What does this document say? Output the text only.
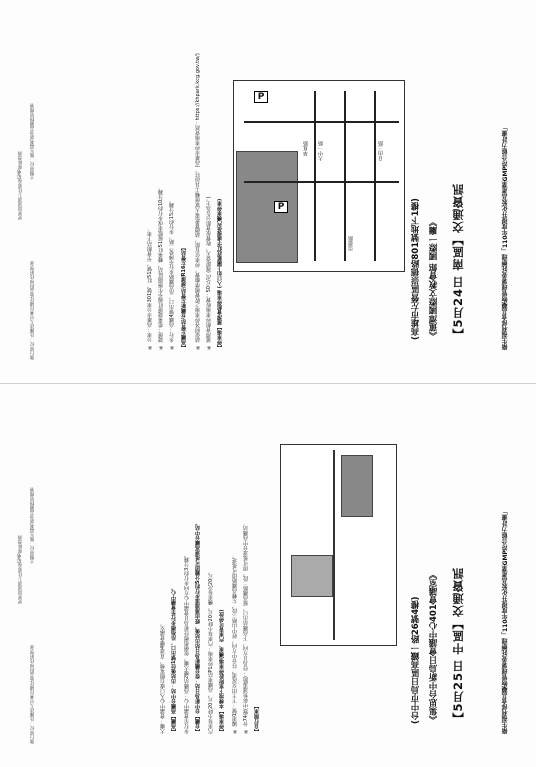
衛生福利部食品藥物管理署委託辦理「110年度提升化妝品產業GMP符合能力計畫」
【5月24日 南區】交通資訊
《蓮潭國際文教會館 國際一廳》
(高雄市左營區崇德路801號地下1樓)
大中一路
崇德路
自由三路
華夏路
P
P
【停車場】蓮潭會館停車場 (入口如上圖藍底紅字處提供汽機車停車)
※ 蓮潭會館停車場收費：50元/次 (僅限當天，收費依會館公告為主。)
※ 請依照各停車場之收費標準繳費。停車位有限，請儘量搭乘大眾運輸工具前往。(高雄市停車場資訊：https://khpark.kcg.gov.tw/)
【高鐵左營站/台鐵新左營站/捷運R16左營站】
※ 步行：高鐵4號出口，沿高鐵路步行至博愛二路，步行約15分鐘。
※ 捷運：搭乘捷運紅線至生態園區站，轉乘紅51接駁車或步行約10分鐘。
※ 公車：高雄市公車301號、紅51號，至會館站下車。
主辦單位：衛生福利部食品藥物管理署
執行單位：社團法人中華民國化妝品科學技術學會
更多資訊請上化妝品GMP專區查詢
衛生福利部食品藥物管理署委託辦理「110年度提升化妝品產業GMP符合能力計畫」
【5月25日 中區】交通資訊
《集思台中新烏日會議中心401會議室》
(台中市烏日區高鐵一路26號4樓)
【自行開車】
※ 台74線(中彰快速道路)：往烏日方向，下高鐵站出口，接高鐵路二段，即可抵達台中高鐵站。
※ 國道1號：下王田交流道，往台中方向，經中山路三段，左轉高鐵路即可抵達。
【停車場】本棟地下室附設停車場(機車、汽車皆可停放)
汽車每小時20元，高鐵車站P1停車場：汽車每小時20元，機車每次20元。
【台鐵】台中新烏日站：從台鐵新烏日站出站後，經由連通道步行約5分鐘即可抵達高鐵台中站。
步行至會議中心：高鐵站2樓大廳，依循指標往新烏日會議中心方向步行約3分鐘。
【高鐵】高鐵台中站：出站後往1號出口，沿指標步行至會議中心。
大廳：會議中心入口處右側電梯，直達4樓會議室。
主辦單位：衛生福利部食品藥物管理署
執行單位：社團法人中華民國化妝品科學技術學會
更多資訊請上化妝品GMP專區查詢
